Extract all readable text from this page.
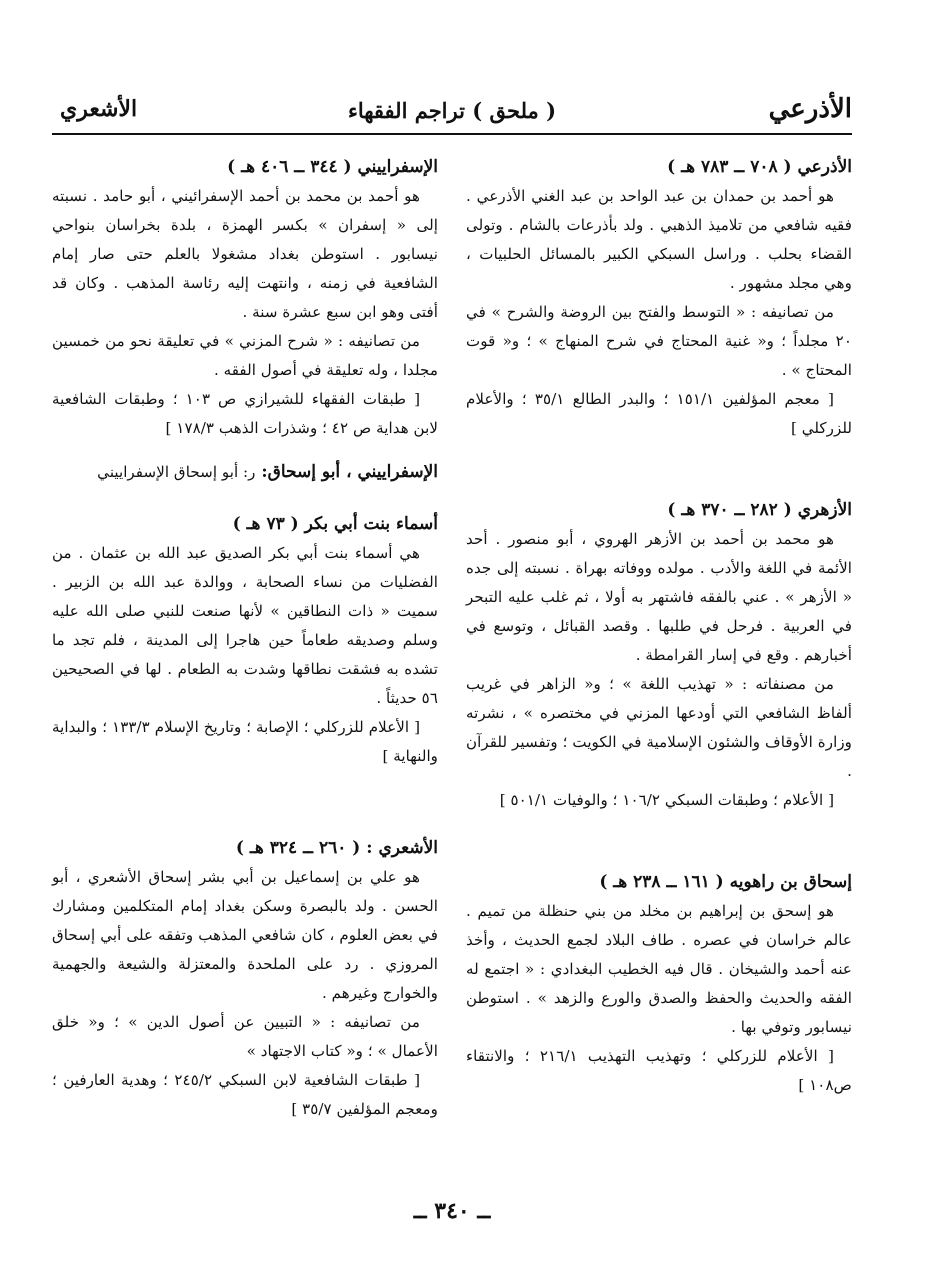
الأذرعي
( ملحق ) تراجم الفقهاء
الأشعري
الأذرعي ( ٧٠٨ ــ ٧٨٣ هـ )

هو أحمد بن حمدان بن عبد الواحد بن عبد الغني الأذرعي . فقيه شافعي من تلاميذ الذهبي . ولد بأذرعات بالشام . وتولى القضاء بحلب . وراسل السبكي الكبير بالمسائل الحلبيات ، وهي مجلد مشهور .

من تصانيفه : « التوسط والفتح بين الروضة والشرح » في ٢٠ مجلداً ؛ و« غنية المحتاج في شرح المنهاج » ؛ و« قوت المحتاج » .

[ معجم المؤلفين ١٥١/١ ؛ والبدر الطالع ٣٥/١ ؛ والأعلام للزركلي ]

الأزهري ( ٢٨٢ ــ ٣٧٠ هـ )

هو محمد بن أحمد بن الأزهر الهروي ، أبو منصور . أحد الأئمة في اللغة والأدب . مولده ووفاته بهراة . نسبته إلى جده « الأزهر » . عني بالفقه فاشتهر به أولا ، ثم غلب عليه التبحر في العربية . فرحل في طلبها . وقصد القبائل ، وتوسع في أخبارهم . وقع في إسار القرامطة .

من مصنفاته : « تهذيب اللغة » ؛ و« الزاهر في غريب ألفاظ الشافعي التي أودعها المزني في مختصره » ، نشرته وزارة الأوقاف والشئون الإسلامية في الكويت ؛ وتفسير للقرآن .

[ الأعلام ؛ وطبقات السبكي ١٠٦/٢ ؛ والوفيات ٥٠١/١ ]

إسحاق بن راهويه ( ١٦١ ــ ٢٣٨ هـ )

هو إسحق بن إبراهيم بن مخلد من بني حنظلة من تميم . عالم خراسان في عصره . طاف البلاد لجمع الحديث ، وأخذ عنه أحمد والشيخان . قال فيه الخطيب البغدادي : « اجتمع له الفقه والحديث والحفظ والصدق والورع والزهد » . استوطن نيسابور وتوفي بها .

[ الأعلام للزركلي ؛ وتهذيب التهذيب ٢١٦/١ ؛ والانتقاء ص١٠٨ ]

الإسفراييني ( ٣٤٤ ــ ٤٠٦ هـ )

هو أحمد بن محمد بن أحمد الإسفرائيني ، أبو حامد . نسبته إلى « إسفران » بكسر الهمزة ، بلدة بخراسان بنواحي نيسابور . استوطن بغداد مشغولا بالعلم حتى صار إمام الشافعية في زمنه ، وانتهت إليه رئاسة المذهب . وكان قد أفتى وهو ابن سبع عشرة سنة .

من تصانيفه : « شرح المزني » في تعليقة نحو من خمسين مجلدا ، وله تعليقة في أصول الفقه .

[ طبقات الفقهاء للشيرازي ص ١٠٣ ؛ وطبقات الشافعية لابن هداية ص ٤٢ ؛ وشذرات الذهب ١٧٨/٣ ]

الإسفراييني ، أبو إسحاق: ر: أبو إسحاق الإسفراييني
أسماء بنت أبي بكر ( ٧٣ هـ )

هي أسماء بنت أبي بكر الصديق عبد الله بن عثمان . من الفضليات من نساء الصحابة ، ووالدة عبد الله بن الزبير . سميت « ذات النطاقين » لأنها صنعت للنبي صلى الله عليه وسلم وصديقه طعاماً حين هاجرا إلى المدينة ، فلم تجد ما تشده به فشقت نطاقها وشدت به الطعام . لها في الصحيحين ٥٦ حديثاً .

[ الأعلام للزركلي ؛ الإصابة ؛ وتاريخ الإسلام ١٣٣/٣ ؛ والبداية والنهاية ]

الأشعري : ( ٢٦٠ ــ ٣٢٤ هـ )

هو علي بن إسماعيل بن أبي بشر إسحاق الأشعري ، أبو الحسن . ولد بالبصرة وسكن بغداد إمام المتكلمين ومشارك في بعض العلوم ، كان شافعي المذهب وتفقه على أبي إسحاق المروزي . رد على الملحدة والمعتزلة والشيعة والجهمية والخوارج وغيرهم .

من تصانيفه : « التبيين عن أصول الدين » ؛ و« خلق الأعمال » ؛ و« كتاب الاجتهاد »

[ طبقات الشافعية لابن السبكي ٢٤٥/٢ ؛ وهدية العارفين ؛ ومعجم المؤلفين ٣٥/٧ ]

ــ ٣٤٠ ــ
